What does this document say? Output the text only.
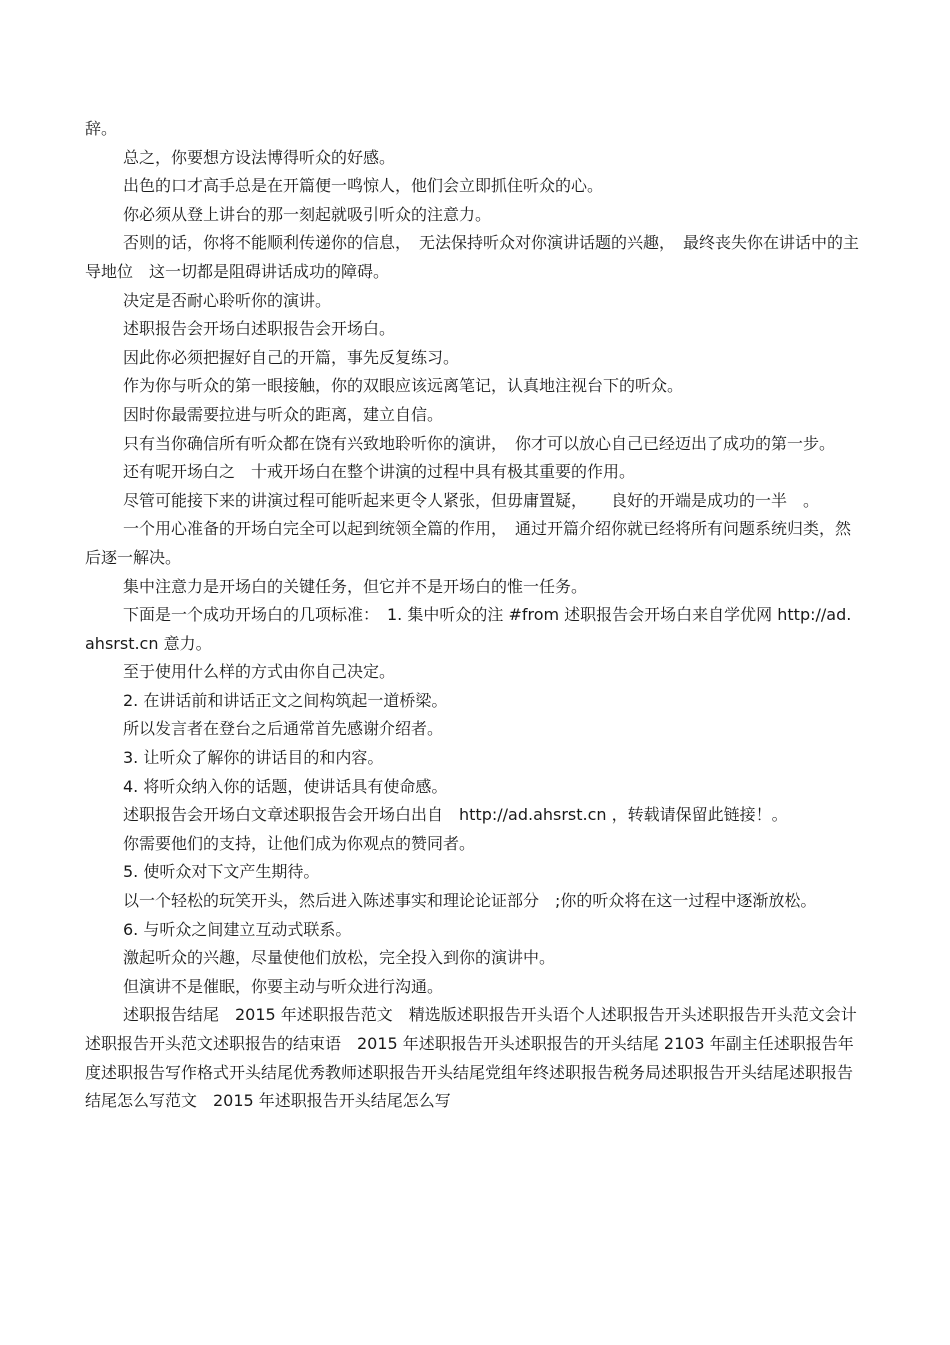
辞。

总之，你要想方设法博得听众的好感。

出色的口才高手总是在开篇便一鸣惊人，他们会立即抓住听众的心。

你必须从登上讲台的那一刻起就吸引听众的注意力。

否则的话，你将不能顺利传递你的信息，　无法保持听众对你演讲话题的兴趣，　最终丧失你在讲话中的主导地位　这一切都是阻碍讲话成功的障碍。

决定是否耐心聆听你的演讲。

述职报告会开场白述职报告会开场白。

因此你必须把握好自己的开篇，事先反复练习。

作为你与听众的第一眼接触，你的双眼应该远离笔记，认真地注视台下的听众。

因时你最需要拉进与听众的距离，建立自信。

只有当你确信所有听众都在饶有兴致地聆听你的演讲，　你才可以放心自己已经迈出了成功的第一步。

还有呢开场白之　十戒开场白在整个讲演的过程中具有极其重要的作用。

尽管可能接下来的讲演过程可能听起来更令人紧张，但毋庸置疑，　　良好的开端是成功的一半　。

一个用心准备的开场白完全可以起到统领全篇的作用，　通过开篇介绍你就已经将所有问题系统归类，然后逐一解决。

集中注意力是开场白的关键任务，但它并不是开场白的惟一任务。

下面是一个成功开场白的几项标准：　1. 集中听众的注 #from 述职报告会开场白来自学优网 http://ad.ahsrst.cn 意力。

至于使用什么样的方式由你自己决定。

2. 在讲话前和讲话正文之间构筑起一道桥梁。

所以发言者在登台之后通常首先感谢介绍者。

3. 让听众了解你的讲话目的和内容。

4. 将听众纳入你的话题，使讲话具有使命感。

述职报告会开场白文章述职报告会开场白出自　http://ad.ahsrst.cn ，转载请保留此链接！。

你需要他们的支持，让他们成为你观点的赞同者。

5. 使听众对下文产生期待。

以一个轻松的玩笑开头，然后进入陈述事实和理论论证部分　;你的听众将在这一过程中逐渐放松。

6. 与听众之间建立互动式联系。

激起听众的兴趣，尽量使他们放松，完全投入到你的演讲中。

但演讲不是催眠，你要主动与听众进行沟通。

述职报告结尾　2015 年述职报告范文　精选版述职报告开头语个人述职报告开头述职报告开头范文会计述职报告开头范文述职报告的结束语　2015 年述职报告开头述职报告的开头结尾 2103 年副主任述职报告年度述职报告写作格式开头结尾优秀教师述职报告开头结尾党组年终述职报告税务局述职报告开头结尾述职报告结尾怎么写范文　2015 年述职报告开头结尾怎么写
